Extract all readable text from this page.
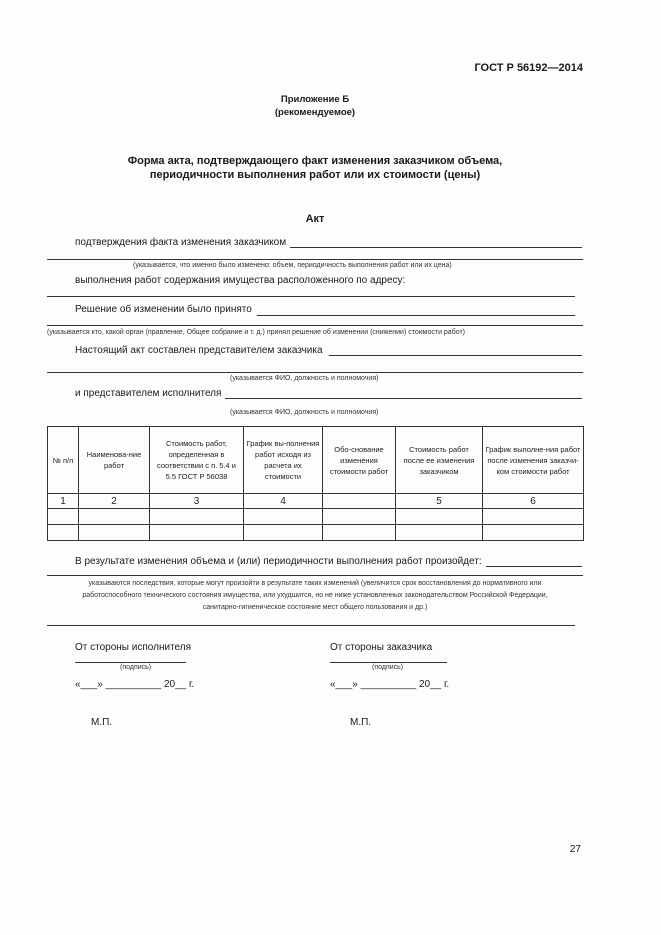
ГОСТ Р 56192—2014
Приложение Б
(рекомендуемое)
Форма акта, подтверждающего факт изменения заказчиком объема,
периодичности выполнения работ или их стоимости (цены)
Акт
подтверждения факта изменения заказчиком
(указывается, что именно было изменено: объем, периодичность выполнения работ или их цена)
выполнения работ содержания имущества расположенного по адресу:
Решение об изменении было принято
(указывается кто, какой орган (правление, Общее собрание и т. д.) принял решение об изменении (снижении) стоимости работ)
Настоящий акт составлен представителем заказчика
(указывается ФИО, должность и полномочия)
и представителем исполнителя
(указывается ФИО, должность и полномочия)
№ п/п	Наименова-ние работ	Стоимость работ, определенная в соответствии с п. 5.4 и 5.5 ГОСТ Р 56038	График вы-полнения работ исходя из расчета их стоимости	Обо-снование изменения стоимости работ	Стоимость работ после ее изменения заказчиком	График выполне-ния работ после изменения заказчи-ком стоимости работ
1	2	3	4		5	6

В результате изменения объема и (или) периодичности выполнения работ произойдет:
указываются последствия, которые могут произойти в результате таких изменений (увеличится срок восстановления до нормативного или
работоспособного технического состояния имущества, или ухудшится, но не ниже установленных законодательством Российской Федерации,
санитарно-гигиеническое состояние мест общего пользования и др.)
От стороны исполнителя
(подпись)
«___» __________ 20__ г.
М.П.
От стороны заказчика
(подпись)
«___» __________ 20__ г.
М.П.
27
